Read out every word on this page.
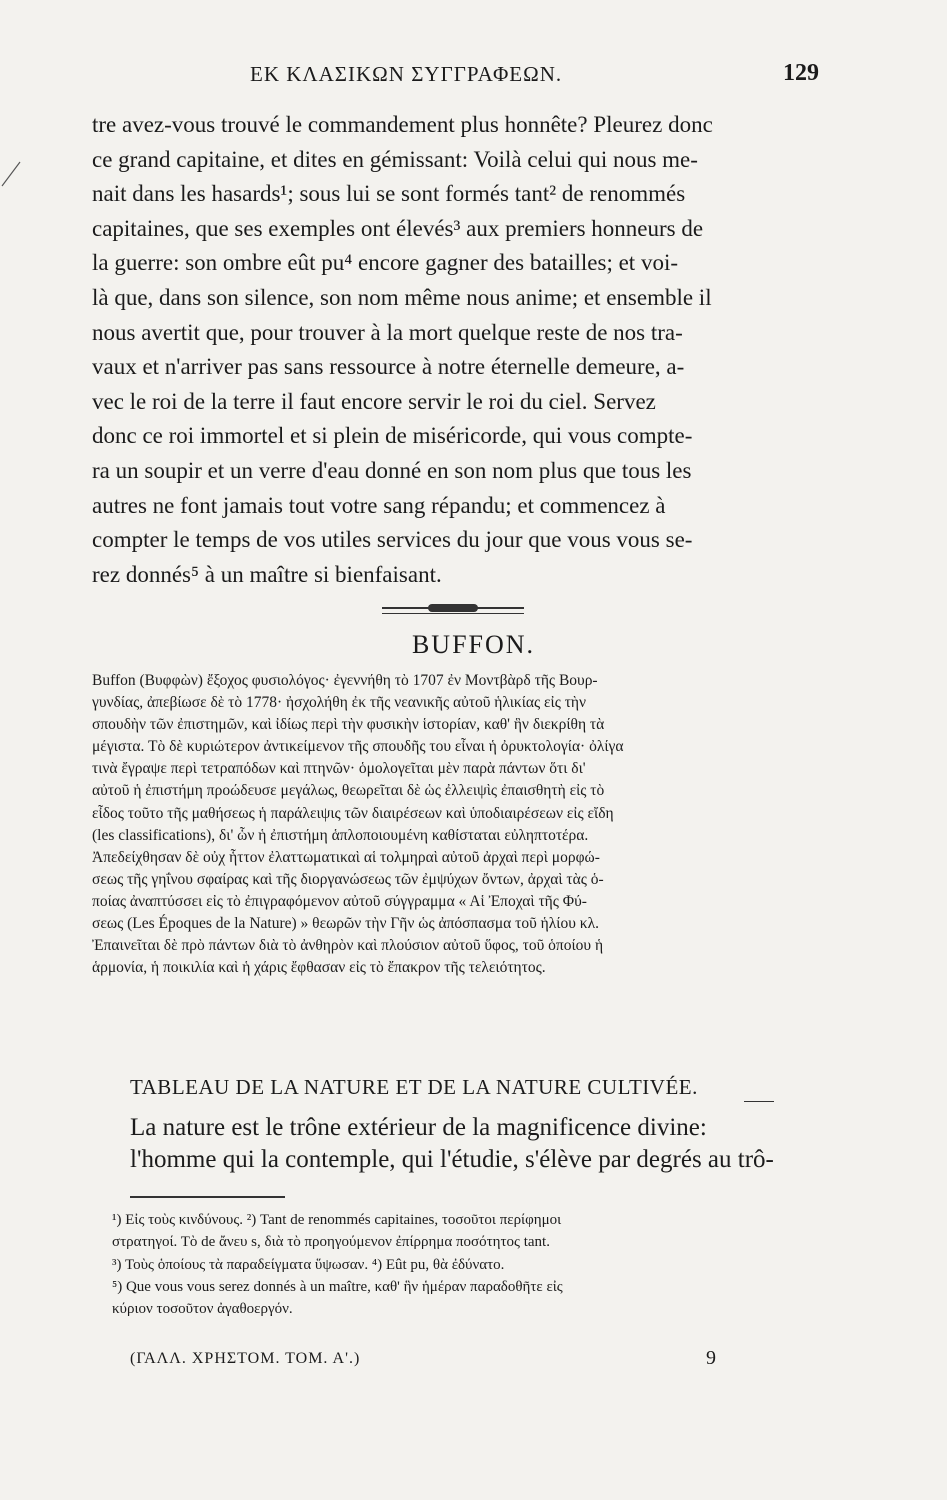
ΕΚ ΚΛΑΣΙΚΩΝ ΣΥΓΓΡΑΦΕΩΝ.	129
tre avez-vous trouvé le commandement plus honnête? Pleurez donc
ce grand capitaine, et dites en gémissant: Voilà celui qui nous me-
nait dans les hasards¹; sous lui se sont formés tant² de renommés
capitaines, que ses exemples ont élevés³ aux premiers honneurs de
la guerre: son ombre eût pu⁴ encore gagner des batailles; et voi-
là que, dans son silence, son nom même nous anime; et ensemble il
nous avertit que, pour trouver à la mort quelque reste de nos tra-
vaux et n'arriver pas sans ressource à notre éternelle demeure, a-
vec le roi de la terre il faut encore servir le roi du ciel. Servez
donc ce roi immortel et si plein de miséricorde, qui vous compte-
ra un soupir et un verre d'eau donné en son nom plus que tous les
autres ne font jamais tout votre sang répandu; et commencez à
compter le temps de vos utiles services du jour que vous vous se-
rez donnés⁵ à un maître si bienfaisant.
BUFFON.
Buffon (Βυφφὼν) ἔξοχος φυσιολόγος· ἐγεννήθη τὸ 1707 ἐν Μοντβὰρδ τῆς Βουρ-
γυνδίας, ἀπεβίωσε δὲ τὸ 1778· ἠσχολήθη ἐκ τῆς νεανικῆς αὐτοῦ ἡλικίας εἰς τὴν
σπουδὴν τῶν ἐπιστημῶν, καὶ ἰδίως περὶ τὴν φυσικὴν ἱστορίαν, καθ' ἣν διεκρίθη τὰ
μέγιστα. Τὸ δὲ κυριώτερον ἀντικείμενον τῆς σπουδῆς του εἶναι ἡ ὀρυκτολογία· ὀλίγα
τινὰ ἔγραψε περὶ τετραπόδων καὶ πτηνῶν· ὁμολογεῖται μὲν παρὰ πάντων ὅτι δι'
αὐτοῦ ἡ ἐπιστήμη προώδευσε μεγάλως, θεωρεῖται δὲ ὡς ἐλλειψὶς ἐπαισθητὴ εἰς τὸ
εἶδος τοῦτο τῆς μαθήσεως ἡ παράλειψις τῶν διαιρέσεων καὶ ὑποδιαιρέσεων εἰς εἴδη
(les classifications), δι' ὧν ἡ ἐπιστήμη ἁπλοποιουμένη καθίσταται εὐληπτοτέρα.
Ἀπεδείχθησαν δὲ οὐχ ἧττον ἐλαττωματικαὶ αἱ τολμηραὶ αὐτοῦ ἀρχαὶ περὶ μορφώ-
σεως τῆς γηΐνου σφαίρας καὶ τῆς διοργανώσεως τῶν ἐμψύχων ὄντων, ἀρχαὶ τὰς ὁ-
ποίας ἀναπτύσσει εἰς τὸ ἐπιγραφόμενον αὐτοῦ σύγγραμμα « Αἱ Ἐποχαὶ τῆς Φύ-
σεως (Les Époques de la Nature) » θεωρῶν τὴν Γῆν ὡς ἀπόσπασμα τοῦ ἡλίου κλ.
Ἐπαινεῖται δὲ πρὸ πάντων διὰ τὸ ἀνθηρὸν καὶ πλούσιον αὐτοῦ ὕφος, τοῦ ὁποίου ἡ
ἁρμονία, ἡ ποικιλία καὶ ἡ χάρις ἔφθασαν εἰς τὸ ἔπακρον τῆς τελειότητος.
TABLEAU DE LA NATURE ET DE LA NATURE CULTIVÉE.
La nature est le trône extérieur de la magnificence divine:
l'homme qui la contemple, qui l'étudie, s'élève par degrés au trô-
¹) Εἰς τοὺς κινδύνους. ²) Tant de renommés capitaines, τοσοῦτοι περίφημοι
στρατηγοί. Τὸ de ἄνευ s, διὰ τὸ προηγούμενον ἐπίρρημα ποσότητος tant.
³) Τοὺς ὁποίους τὰ παραδείγματα ὕψωσαν. ⁴) Eût pu, θὰ ἐδύνατο.
⁵) Que vous vous serez donnés à un maître, καθ' ἣν ἡμέραν παραδοθῆτε εἰς
κύριον τοσοῦτον ἀγαθοεργόν.
(ΓΑΛΛ. ΧΡΗΣΤΟΜ. ΤΟΜ. Α'.)	9
